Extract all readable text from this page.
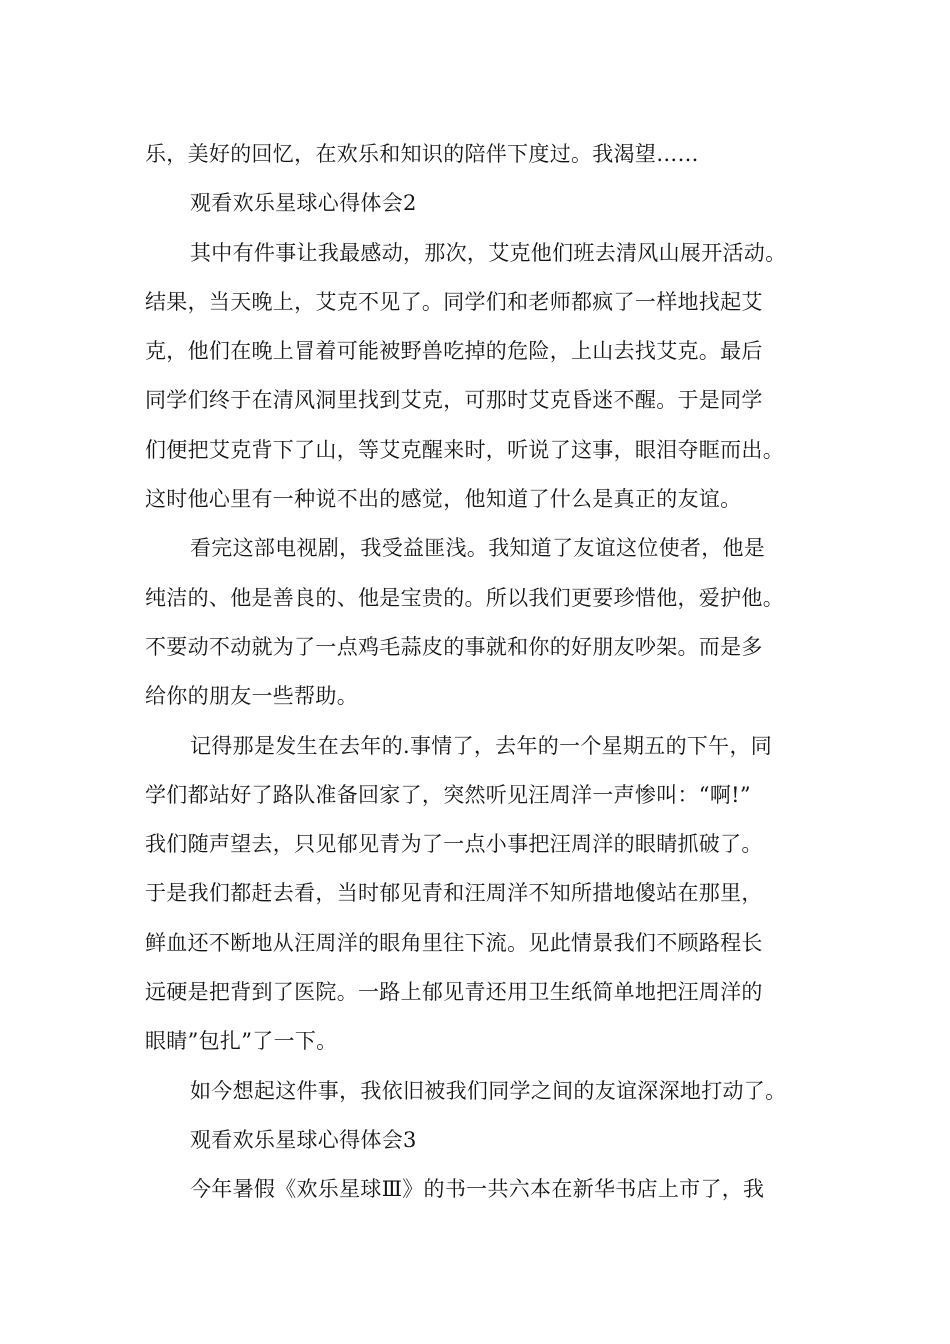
乐，美好的回忆，在欢乐和知识的陪伴下度过。我渴望……
观看欢乐星球心得体会2
其中有件事让我最感动，那次，艾克他们班去清风山展开活动。
结果，当天晚上，艾克不见了。同学们和老师都疯了一样地找起艾
克，他们在晚上冒着可能被野兽吃掉的危险，上山去找艾克。最后
同学们终于在清风洞里找到艾克，可那时艾克昏迷不醒。于是同学
们便把艾克背下了山，等艾克醒来时，听说了这事，眼泪夺眶而出。
这时他心里有一种说不出的感觉，他知道了什么是真正的友谊。
看完这部电视剧，我受益匪浅。我知道了友谊这位使者，他是
纯洁的、他是善良的、他是宝贵的。所以我们更要珍惜他，爱护他。
不要动不动就为了一点鸡毛蒜皮的事就和你的好朋友吵架。而是多
给你的朋友一些帮助。
记得那是发生在去年的.事情了，去年的一个星期五的下午，同
学们都站好了路队准备回家了，突然听见汪周洋一声惨叫：“啊!”
我们随声望去，只见郁见青为了一点小事把汪周洋的眼睛抓破了。
于是我们都赶去看，当时郁见青和汪周洋不知所措地傻站在那里，
鲜血还不断地从汪周洋的眼角里往下流。见此情景我们不顾路程长
远硬是把背到了医院。一路上郁见青还用卫生纸简单地把汪周洋的
眼睛”包扎”了一下。
如今想起这件事，我依旧被我们同学之间的友谊深深地打动了。
观看欢乐星球心得体会3
今年暑假《欢乐星球Ⅲ》的书一共六本在新华书店上市了，我
